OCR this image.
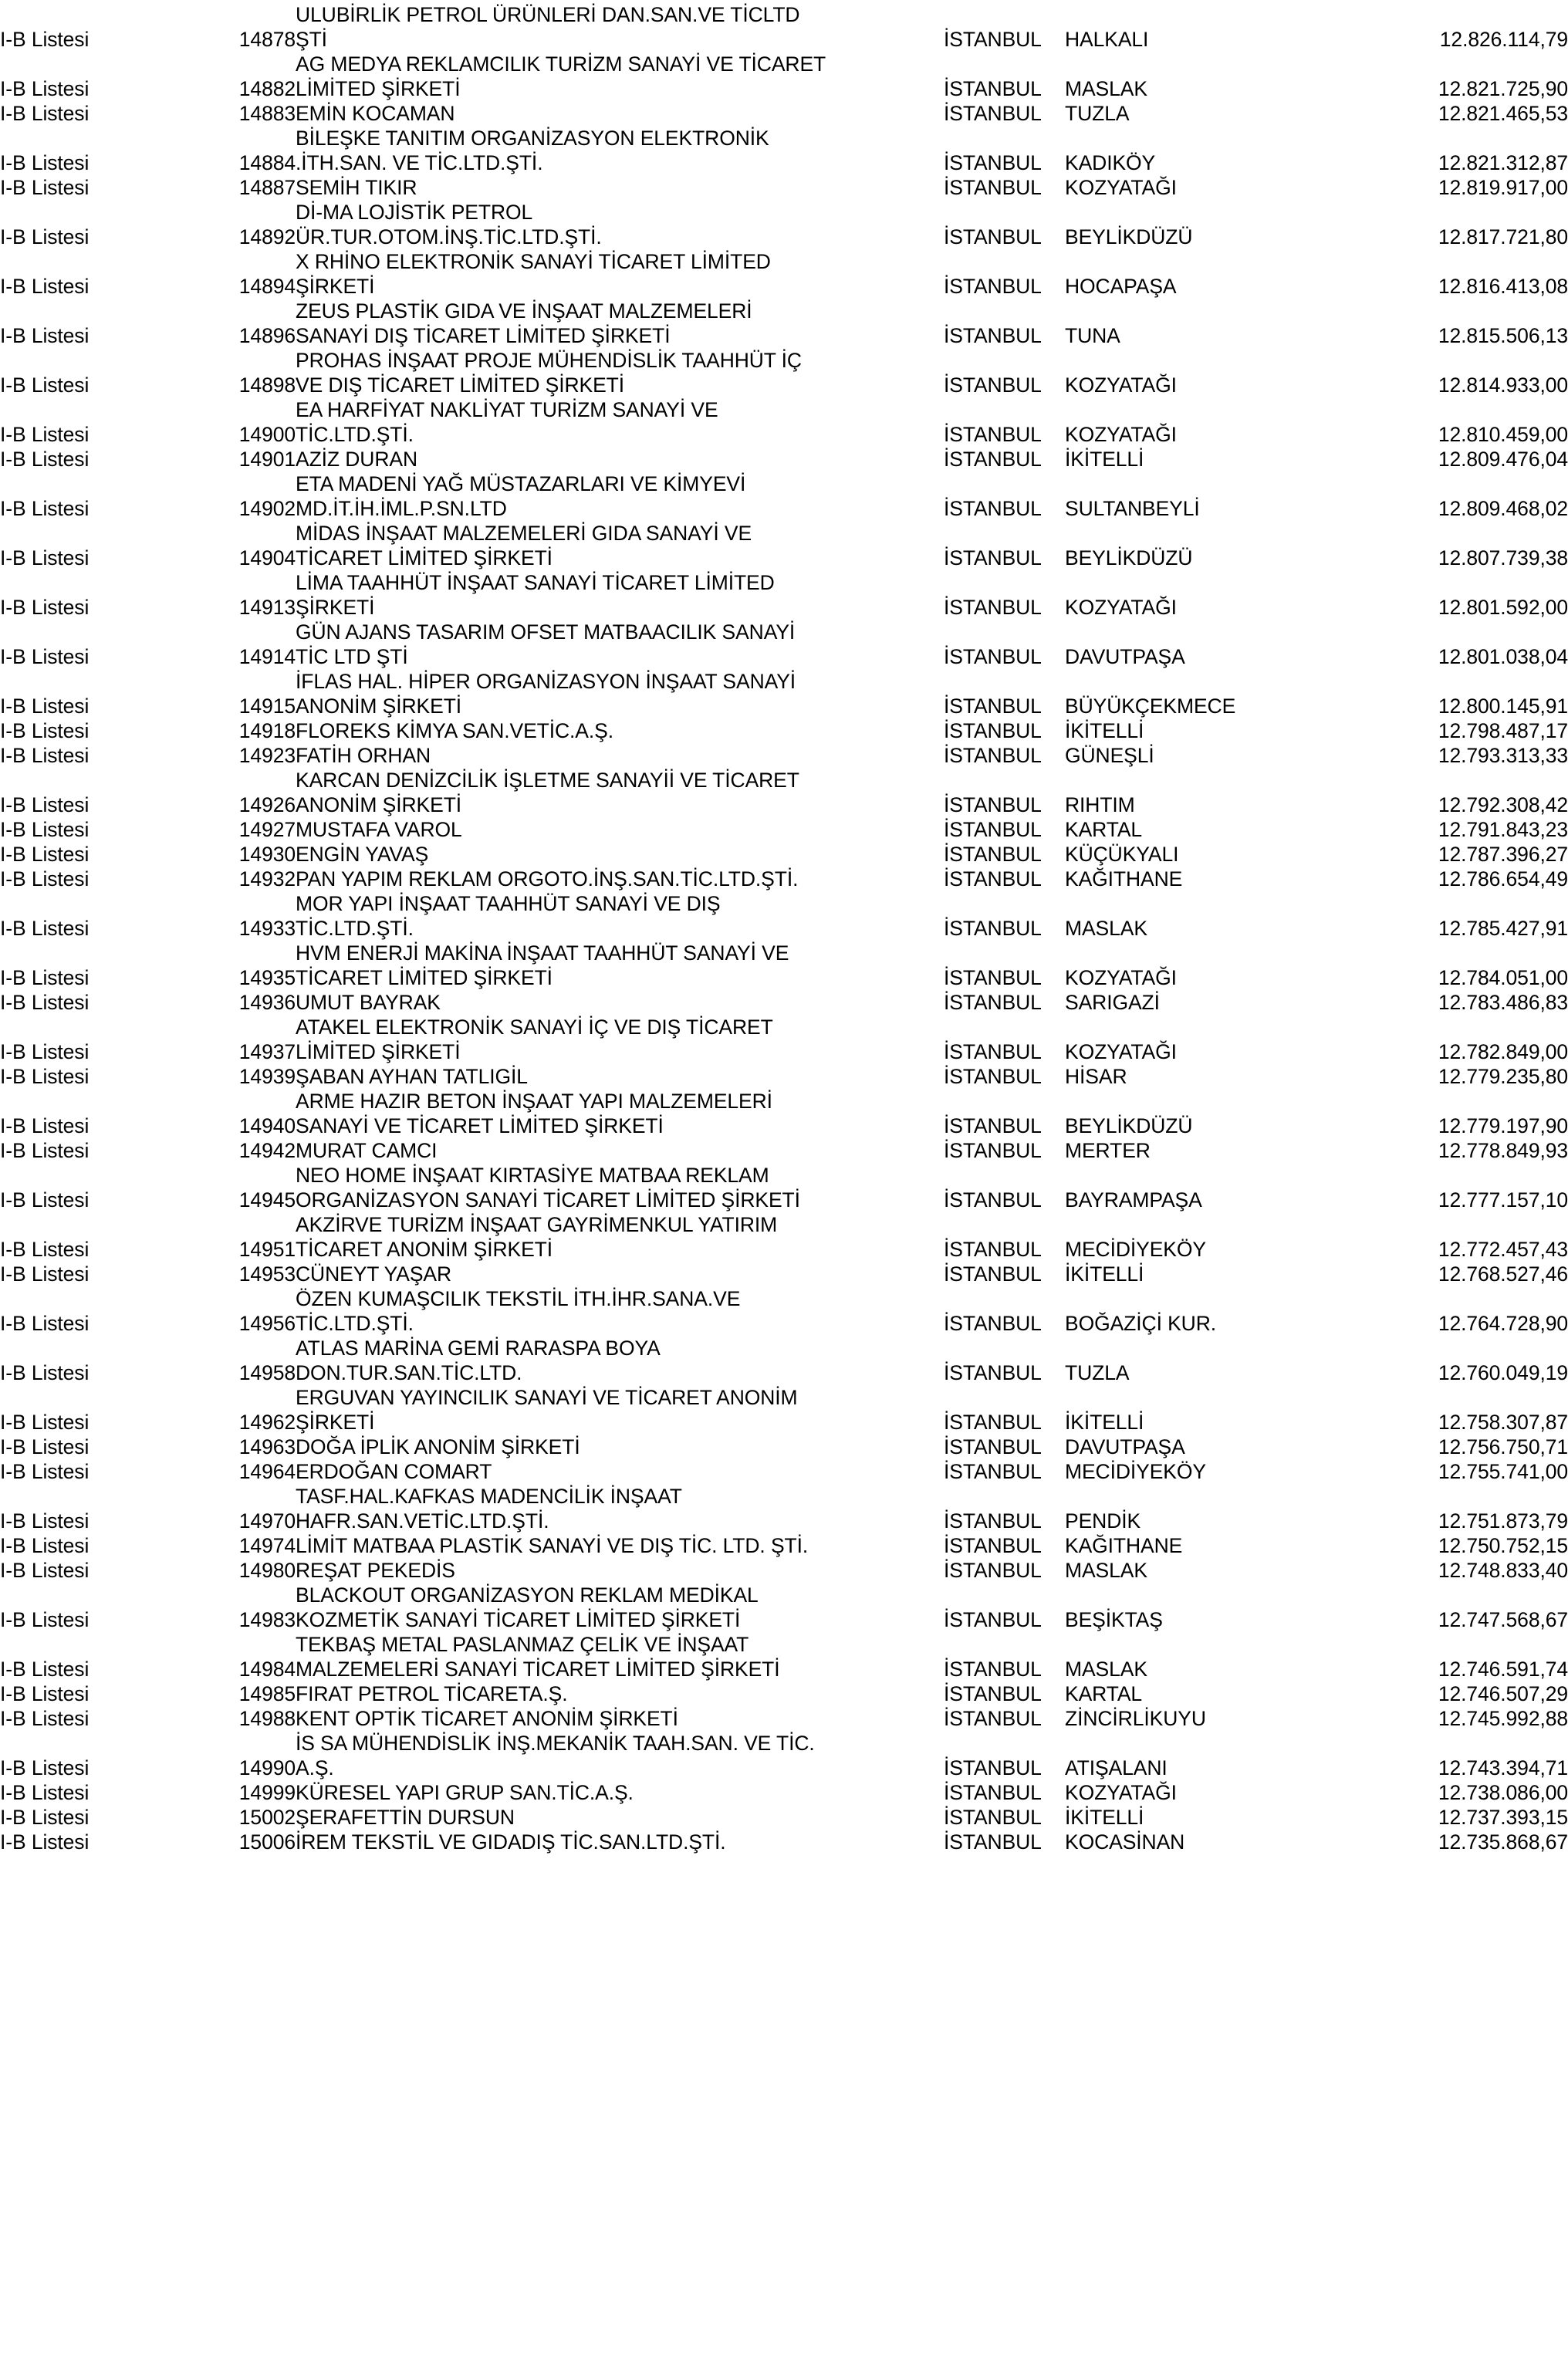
			ULUBİRLİK PETROL ÜRÜNLERİ DAN.SAN.VE TİCLTD			
I-B Listesi		14878	ŞTİ	İSTANBUL	HALKALI	12.826.114,79
			AG MEDYA REKLAMCILIK TURİZM SANAYİ VE TİCARET			
I-B Listesi		14882	LİMİTED ŞİRKETİ	İSTANBUL	MASLAK	12.821.725,90
I-B Listesi		14883	EMİN KOCAMAN	İSTANBUL	TUZLA	12.821.465,53
			BİLEŞKE TANITIM ORGANİZASYON ELEKTRONİK			
I-B Listesi		14884	.İTH.SAN. VE TİC.LTD.ŞTİ.	İSTANBUL	KADIKÖY	12.821.312,87
I-B Listesi		14887	SEMİH TIKIR	İSTANBUL	KOZYATAĞI	12.819.917,00
			Dİ-MA LOJİSTİK PETROL			
I-B Listesi		14892	ÜR.TUR.OTOM.İNŞ.TİC.LTD.ŞTİ.	İSTANBUL	BEYLİKDÜZÜ	12.817.721,80
			X RHİNO ELEKTRONİK SANAYİ TİCARET LİMİTED			
I-B Listesi		14894	ŞİRKETİ	İSTANBUL	HOCAPAŞA	12.816.413,08
			ZEUS PLASTİK GIDA VE İNŞAAT MALZEMELERİ			
I-B Listesi		14896	SANAYİ DIŞ TİCARET LİMİTED ŞİRKETİ	İSTANBUL	TUNA	12.815.506,13
			PROHAS İNŞAAT PROJE MÜHENDİSLİK TAAHHÜT İÇ			
I-B Listesi		14898	VE DIŞ TİCARET LİMİTED ŞİRKETİ	İSTANBUL	KOZYATAĞI	12.814.933,00
			EA HARFİYAT NAKLİYAT TURİZM SANAYİ VE			
I-B Listesi		14900	TİC.LTD.ŞTİ.	İSTANBUL	KOZYATAĞI	12.810.459,00
I-B Listesi		14901	AZİZ DURAN	İSTANBUL	İKİTELLİ	12.809.476,04
			ETA MADENİ YAĞ MÜSTAZARLARI VE KİMYEVİ			
I-B Listesi		14902	MD.İT.İH.İML.P.SN.LTD	İSTANBUL	SULTANBEYLİ	12.809.468,02
			MİDAS İNŞAAT MALZEMELERİ GIDA SANAYİ VE			
I-B Listesi		14904	TİCARET LİMİTED ŞİRKETİ	İSTANBUL	BEYLİKDÜZÜ	12.807.739,38
			LİMA TAAHHÜT İNŞAAT SANAYİ TİCARET LİMİTED			
I-B Listesi		14913	ŞİRKETİ	İSTANBUL	KOZYATAĞI	12.801.592,00
			GÜN AJANS TASARIM OFSET MATBAACILIK SANAYİ			
I-B Listesi		14914	TİC LTD ŞTİ	İSTANBUL	DAVUTPAŞA	12.801.038,04
			İFLAS HAL. HİPER ORGANİZASYON İNŞAAT SANAYİ			
I-B Listesi		14915	ANONİM ŞİRKETİ	İSTANBUL	BÜYÜKÇEKMECE	12.800.145,91
I-B Listesi		14918	FLOREKS KİMYA SAN.VETİC.A.Ş.	İSTANBUL	İKİTELLİ	12.798.487,17
I-B Listesi		14923	FATİH ORHAN	İSTANBUL	GÜNEŞLİ	12.793.313,33
			KARCAN DENİZCİLİK İŞLETME SANAYİİ VE TİCARET			
I-B Listesi		14926	ANONİM ŞİRKETİ	İSTANBUL	RIHTIM	12.792.308,42
I-B Listesi		14927	MUSTAFA VAROL	İSTANBUL	KARTAL	12.791.843,23
I-B Listesi		14930	ENGİN YAVAŞ	İSTANBUL	KÜÇÜKYALI	12.787.396,27
I-B Listesi		14932	PAN YAPIM REKLAM ORGOTO.İNŞ.SAN.TİC.LTD.ŞTİ.	İSTANBUL	KAĞITHANE	12.786.654,49
			MOR YAPI İNŞAAT TAAHHÜT SANAYİ VE DIŞ			
I-B Listesi		14933	TİC.LTD.ŞTİ.	İSTANBUL	MASLAK	12.785.427,91
			HVM ENERJİ MAKİNA İNŞAAT TAAHHÜT SANAYİ VE			
I-B Listesi		14935	TİCARET LİMİTED ŞİRKETİ	İSTANBUL	KOZYATAĞI	12.784.051,00
I-B Listesi		14936	UMUT BAYRAK	İSTANBUL	SARIGAZİ	12.783.486,83
			ATAKEL ELEKTRONİK SANAYİ İÇ VE DIŞ TİCARET			
I-B Listesi		14937	LİMİTED ŞİRKETİ	İSTANBUL	KOZYATAĞI	12.782.849,00
I-B Listesi		14939	ŞABAN AYHAN TATLIGİL	İSTANBUL	HİSAR	12.779.235,80
			ARME HAZIR BETON İNŞAAT YAPI MALZEMELERİ			
I-B Listesi		14940	SANAYİ VE TİCARET LİMİTED ŞİRKETİ	İSTANBUL	BEYLİKDÜZÜ	12.779.197,90
I-B Listesi		14942	MURAT CAMCI	İSTANBUL	MERTER	12.778.849,93
			NEO HOME İNŞAAT KIRTASİYE MATBAA REKLAM			
I-B Listesi		14945	ORGANİZASYON SANAYİ TİCARET LİMİTED ŞİRKETİ	İSTANBUL	BAYRAMPAŞA	12.777.157,10
			AKZİRVE TURİZM İNŞAAT GAYRİMENKUL YATIRIM			
I-B Listesi		14951	TİCARET ANONİM ŞİRKETİ	İSTANBUL	MECİDİYEKÖY	12.772.457,43
I-B Listesi		14953	CÜNEYT YAŞAR	İSTANBUL	İKİTELLİ	12.768.527,46
			ÖZEN KUMAŞCILIK TEKSTİL İTH.İHR.SANA.VE			
I-B Listesi		14956	TİC.LTD.ŞTİ.	İSTANBUL	BOĞAZİÇİ KUR.	12.764.728,90
			ATLAS MARİNA GEMİ RARASPA BOYA			
I-B Listesi		14958	DON.TUR.SAN.TİC.LTD.	İSTANBUL	TUZLA	12.760.049,19
			ERGUVAN YAYINCILIK SANAYİ VE TİCARET ANONİM			
I-B Listesi		14962	ŞİRKETİ	İSTANBUL	İKİTELLİ	12.758.307,87
I-B Listesi		14963	DOĞA İPLİK ANONİM ŞİRKETİ	İSTANBUL	DAVUTPAŞA	12.756.750,71
I-B Listesi		14964	ERDOĞAN COMART	İSTANBUL	MECİDİYEKÖY	12.755.741,00
			TASF.HAL.KAFKAS MADENCİLİK İNŞAAT			
I-B Listesi		14970	HAFR.SAN.VETİC.LTD.ŞTİ.	İSTANBUL	PENDİK	12.751.873,79
I-B Listesi		14974	LİMİT MATBAA PLASTİK SANAYİ VE DIŞ TİC. LTD. ŞTİ.	İSTANBUL	KAĞITHANE	12.750.752,15
I-B Listesi		14980	REŞAT PEKEDİS	İSTANBUL	MASLAK	12.748.833,40
			BLACKOUT ORGANİZASYON REKLAM MEDİKAL			
I-B Listesi		14983	KOZMETİK SANAYİ TİCARET LİMİTED ŞİRKETİ	İSTANBUL	BEŞİKTAŞ	12.747.568,67
			TEKBAŞ METAL PASLANMAZ ÇELİK VE İNŞAAT			
I-B Listesi		14984	MALZEMELERİ SANAYİ TİCARET LİMİTED ŞİRKETİ	İSTANBUL	MASLAK	12.746.591,74
I-B Listesi		14985	FIRAT PETROL TİCARETA.Ş.	İSTANBUL	KARTAL	12.746.507,29
I-B Listesi		14988	KENT OPTİK TİCARET ANONİM ŞİRKETİ	İSTANBUL	ZİNCİRLİKUYU	12.745.992,88
			İS SA MÜHENDİSLİK İNŞ.MEKANİK TAAH.SAN. VE TİC.			
I-B Listesi		14990	A.Ş.	İSTANBUL	ATIŞALANI	12.743.394,71
I-B Listesi		14999	KÜRESEL YAPI GRUP SAN.TİC.A.Ş.	İSTANBUL	KOZYATAĞI	12.738.086,00
I-B Listesi		15002	ŞERAFETTİN DURSUN	İSTANBUL	İKİTELLİ	12.737.393,15
I-B Listesi		15006	İREM TEKSTİL VE GIDADIŞ TİC.SAN.LTD.ŞTİ.	İSTANBUL	KOCASİNAN	12.735.868,67
